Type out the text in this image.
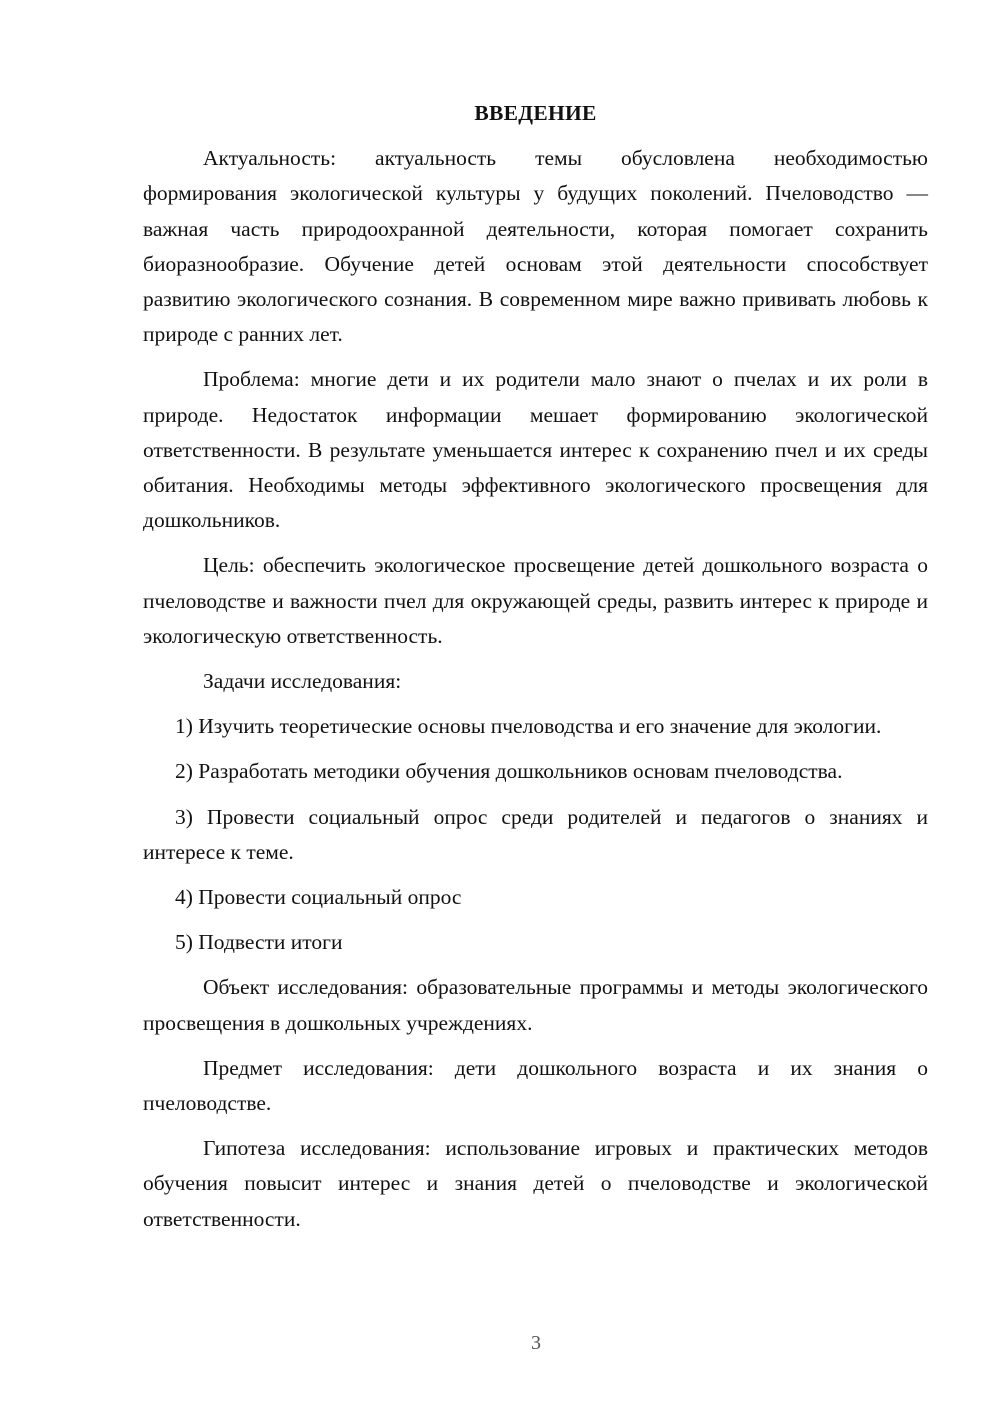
ВВЕДЕНИЕ

Актуальность: актуальность темы обусловлена необходимостью формирования экологической культуры у будущих поколений. Пчеловодство — важная часть природоохранной деятельности, которая помогает сохранить биоразнообразие. Обучение детей основам этой деятельности способствует развитию экологического сознания. В современном мире важно прививать любовь к природе с ранних лет.

Проблема: многие дети и их родители мало знают о пчелах и их роли в природе. Недостаток информации мешает формированию экологической ответственности. В результате уменьшается интерес к сохранению пчел и их среды обитания. Необходимы методы эффективного экологического просвещения для дошкольников.

Цель: обеспечить экологическое просвещение детей дошкольного возраста о пчеловодстве и важности пчел для окружающей среды, развить интерес к природе и экологическую ответственность.

Задачи исследования:

1) Изучить теоретические основы пчеловодства и его значение для экологии.

2) Разработать методики обучения дошкольников основам пчеловодства.

3) Провести социальный опрос среди родителей и педагогов о знаниях и интересе к теме.

4) Провести социальный опрос

5) Подвести итоги

Объект исследования: образовательные программы и методы экологического просвещения в дошкольных учреждениях.

Предмет исследования: дети дошкольного возраста и их знания о пчеловодстве.

Гипотеза исследования: использование игровых и практических методов обучения повысит интерес и знания детей о пчеловодстве и экологической ответственности.

3
